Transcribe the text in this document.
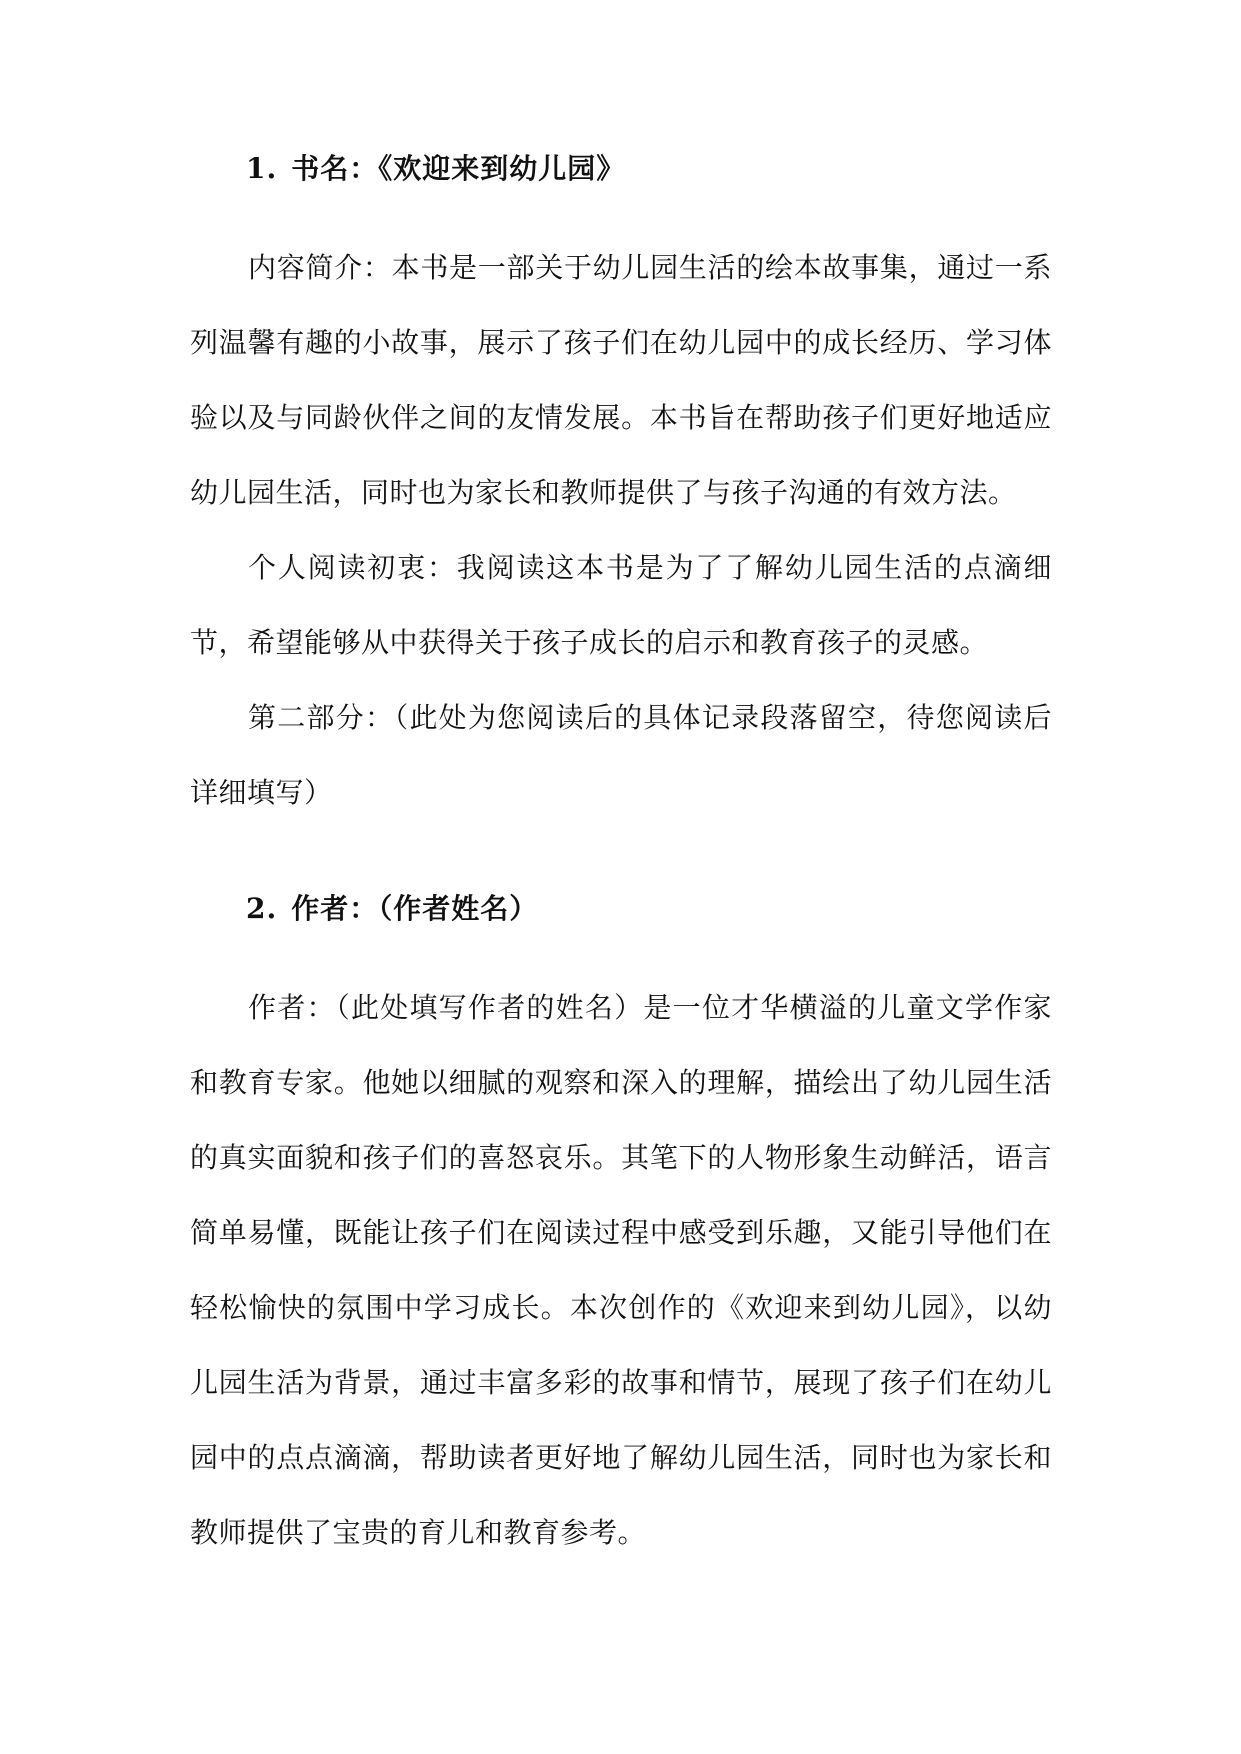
1. 书名：《欢迎来到幼儿园》

内容简介：本书是一部关于幼儿园生活的绘本故事集，通过一系列温馨有趣的小故事，展示了孩子们在幼儿园中的成长经历、学习体验以及与同龄伙伴之间的友情发展。本书旨在帮助孩子们更好地适应幼儿园生活，同时也为家长和教师提供了与孩子沟通的有效方法。

个人阅读初衷：我阅读这本书是为了了解幼儿园生活的点滴细节，希望能够从中获得关于孩子成长的启示和教育孩子的灵感。

第二部分：（此处为您阅读后的具体记录段落留空，待您阅读后详细填写）

2. 作者：（作者姓名）

作者：（此处填写作者的姓名）是一位才华横溢的儿童文学作家和教育专家。他她以细腻的观察和深入的理解，描绘出了幼儿园生活的真实面貌和孩子们的喜怒哀乐。其笔下的人物形象生动鲜活，语言简单易懂，既能让孩子们在阅读过程中感受到乐趣，又能引导他们在轻松愉快的氛围中学习成长。本次创作的《欢迎来到幼儿园》，以幼儿园生活为背景，通过丰富多彩的故事和情节，展现了孩子们在幼儿园中的点点滴滴，帮助读者更好地了解幼儿园生活，同时也为家长和教师提供了宝贵的育儿和教育参考。
